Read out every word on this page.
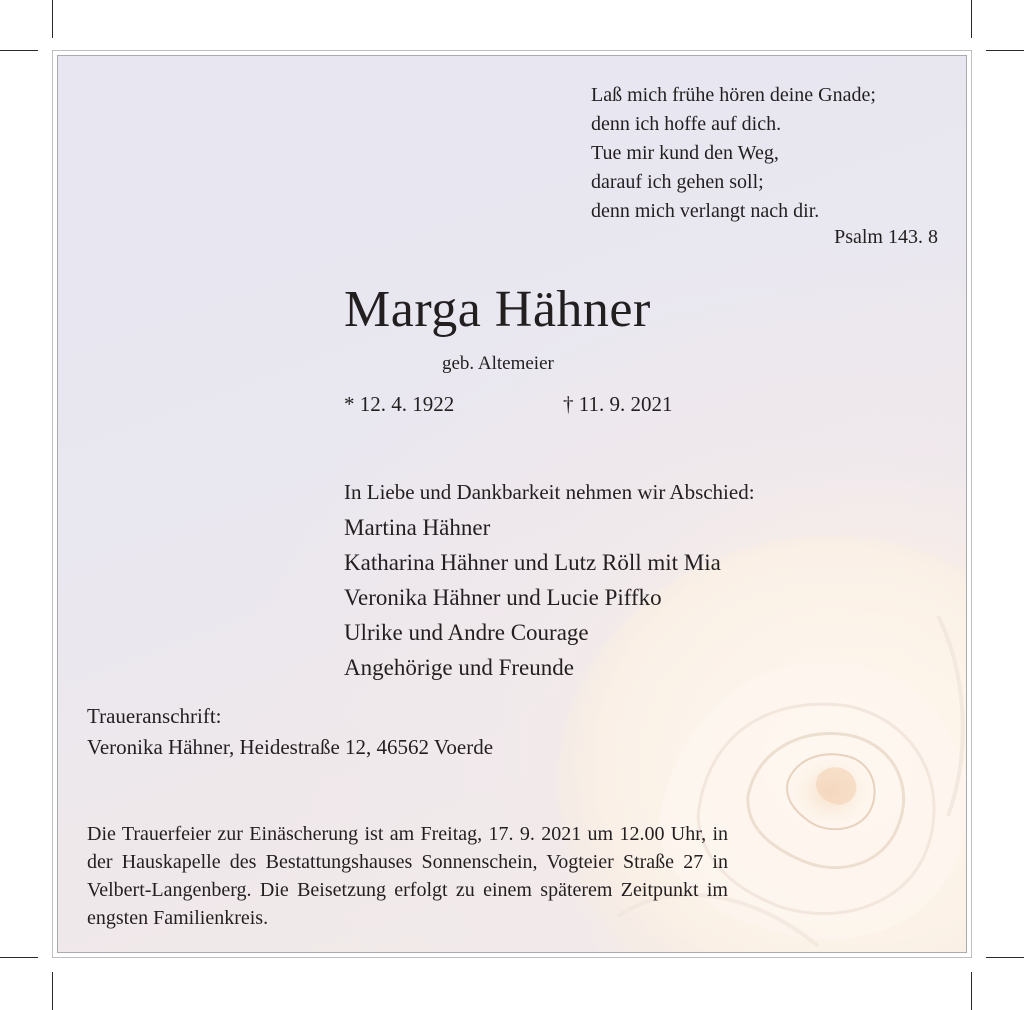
Laß mich frühe hören deine Gnade;
denn ich hoffe auf dich.
Tue mir kund den Weg,
darauf ich gehen soll;
denn mich verlangt nach dir.
Psalm 143. 8
Marga Hähner
geb. Altemeier
* 12. 4. 1922	† 11. 9. 2021
In Liebe und Dankbarkeit nehmen wir Abschied:
Martina Hähner
Katharina Hähner und Lutz Röll mit Mia
Veronika Hähner und Lucie Piffko
Ulrike und Andre Courage
Angehörige und Freunde
Traueranschrift:
Veronika Hähner, Heidestraße 12, 46562 Voerde
Die Trauerfeier zur Einäscherung ist am Freitag, 17. 9. 2021 um 12.00 Uhr, in der Hauskapelle des Bestattungshauses Sonnenschein, Vogteier Straße 27 in Velbert-Langenberg. Die Beisetzung erfolgt zu einem späterem Zeitpunkt im engsten Familienkreis.
